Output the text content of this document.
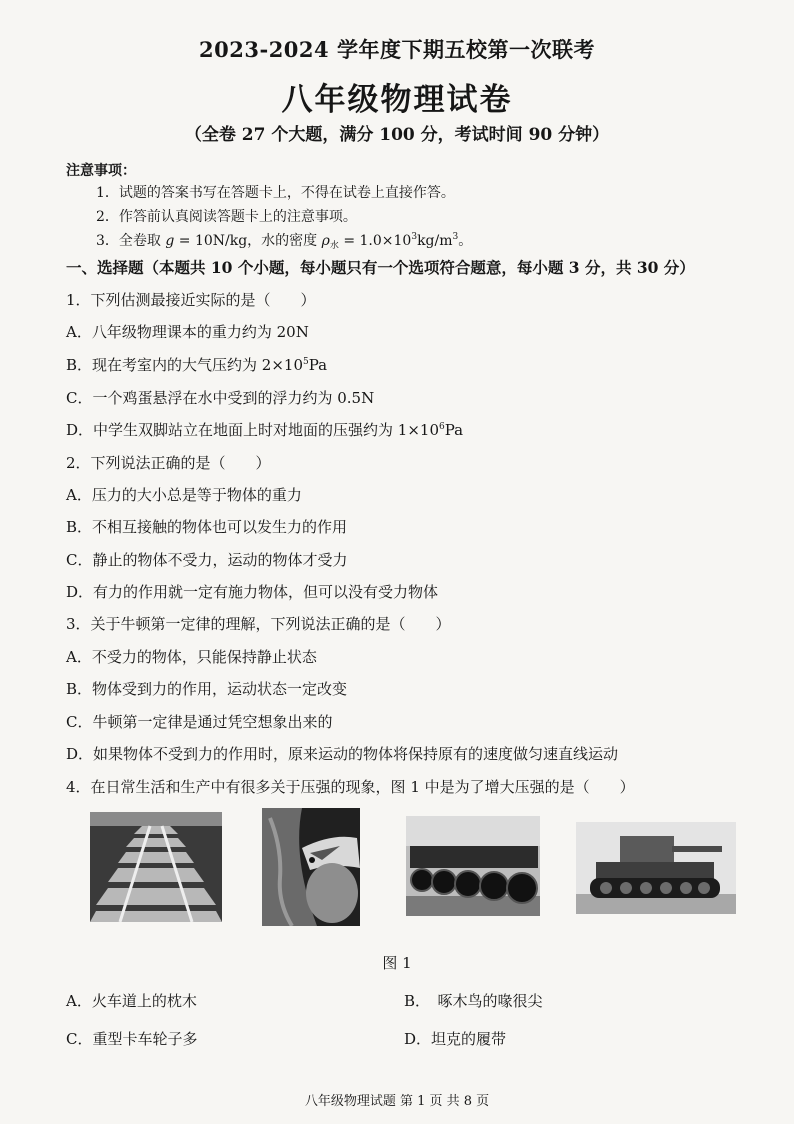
2023-2024 学年度下期五校第一次联考
八年级物理试卷
（全卷 27 个大题，满分 100 分，考试时间 90 分钟）
注意事项：
1．试题的答案书写在答题卡上，不得在试卷上直接作答。
2．作答前认真阅读答题卡上的注意事项。
3．全卷取 g = 10N/kg，水的密度 $\rho_水 = 1.0\times 10^3kg/m^3$。
一、选择题（本题共 10 个小题，每小题只有一个选项符合题意，每小题 3 分，共 30 分）
1．下列估测最接近实际的是（　　）
A．八年级物理课本的重力约为 20N
B．现在考室内的大气压约为 $2\times 10^5Pa$
C．一个鸡蛋悬浮在水中受到的浮力约为 0.5N
D．中学生双脚站立在地面上时对地面的压强约为 $1\times 10^6Pa$
2．下列说法正确的是（　　）
A．压力的大小总是等于物体的重力
B．不相互接触的物体也可以发生力的作用
C．静止的物体不受力，运动的物体才受力
D．有力的作用就一定有施力物体，但可以没有受力物体
3．关于牛顿第一定律的理解，下列说法正确的是（　　）
A．不受力的物体，只能保持静止状态
B．物体受到力的作用，运动状态一定改变
C．牛顿第一定律是通过凭空想象出来的
D．如果物体不受到力的作用时，原来运动的物体将保持原有的速度做匀速直线运动
4．在日常生活和生产中有很多关于压强的现象，图 1 中是为了增大压强的是（　　）
图 1
A．火车道上的枕木	B．　啄木鸟的喙很尖
C．重型卡车轮子多	D．坦克的履带
八年级物理试题 第 1 页 共 8 页
